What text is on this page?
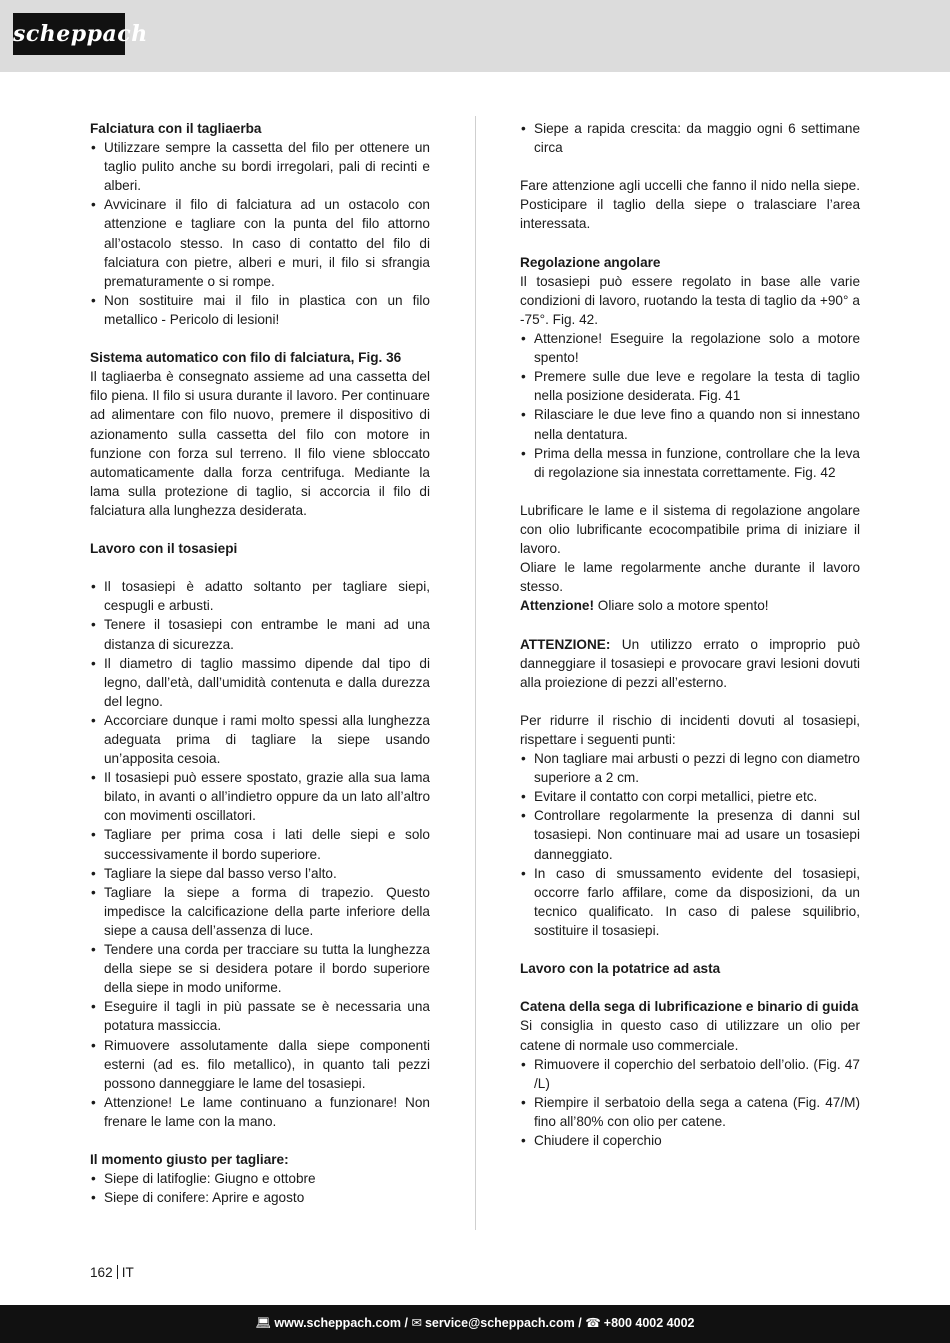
scheppach
Falciatura con il tagliaerba
• Utilizzare sempre la cassetta del filo per ottenere un taglio pulito anche su bordi irregolari, pali di recinti e alberi.
• Avvicinare il filo di falciatura ad un ostacolo con attenzione e tagliare con la punta del filo attorno all’ostacolo stesso. In caso di contatto del filo di falciatura con pietre, alberi e muri, il filo si sfrangia prematuramente o si rompe.
• Non sostituire mai il filo in plastica con un filo metallico - Pericolo di lesioni!
Sistema automatico con filo di falciatura, Fig. 36

Il tagliaerba è consegnato assieme ad una cassetta del filo piena. Il filo si usura durante il lavoro. Per continuare ad alimentare con filo nuovo, premere il dispositivo di azionamento sulla cassetta del filo con motore in funzione con forza sul terreno. Il filo viene sbloccato automaticamente dalla forza centrifuga. Mediante la lama sulla protezione di taglio, si accorcia il filo di falciatura alla lunghezza desiderata.

Lavoro con il tosasiepi
• Il tosasiepi è adatto soltanto per tagliare siepi, cespugli e arbusti.
• Tenere il tosasiepi con entrambe le mani ad una distanza di sicurezza.
• Il diametro di taglio massimo dipende dal tipo di legno, dall’età, dall’umidità contenuta e dalla durezza del legno.
• Accorciare dunque i rami molto spessi alla lunghezza adeguata prima di tagliare la siepe usando un’apposita cesoia.
• Il tosasiepi può essere spostato, grazie alla sua lama bilato, in avanti o all’indietro oppure da un lato all’altro con movimenti oscillatori.
• Tagliare per prima cosa i lati delle siepi e solo successivamente il bordo superiore.
• Tagliare la siepe dal basso verso l’alto.
• Tagliare la siepe a forma di trapezio. Questo impedisce la calcificazione della parte inferiore della siepe a causa dell’assenza di luce.
• Tendere una corda per tracciare su tutta la lunghezza della siepe se si desidera potare il bordo superiore della siepe in modo uniforme.
• Eseguire il tagli in più passate se è necessaria una potatura massiccia.
• Rimuovere assolutamente dalla siepe componenti esterni (ad es. filo metallico), in quanto tali pezzi possono danneggiare le lame del tosasiepi.
• Attenzione! Le lame continuano a funzionare! Non frenare le lame con la mano.
Il momento giusto per tagliare:
• Siepe di latifoglie: Giugno e ottobre
• Siepe di conifere: Aprire e agosto
• Siepe a rapida crescita: da maggio ogni 6 settimane circa

Fare attenzione agli uccelli che fanno il nido nella siepe. Posticipare il taglio della siepe o tralasciare l’area interessata.

Regolazione angolare

Il tosasiepi può essere regolato in base alle varie condizioni di lavoro, ruotando la testa di taglio da +90° a -75°. Fig. 42.

• Attenzione! Eseguire la regolazione solo a motore spento!
• Premere sulle due leve e regolare la testa di taglio nella posizione desiderata. Fig. 41
• Rilasciare le due leve fino a quando non si innestano nella dentatura.
• Prima della messa in funzione, controllare che la leva di regolazione sia innestata correttamente. Fig. 42

Lubrificare le lame e il sistema di regolazione angolare con olio lubrificante ecocompatibile prima di iniziare il lavoro.

Oliare le lame regolarmente anche durante il lavoro stesso.

Attenzione! Oliare solo a motore spento!

ATTENZIONE: Un utilizzo errato o improprio può danneggiare il tosasiepi e provocare gravi lesioni dovuti alla proiezione di pezzi all’esterno.

Per ridurre il rischio di incidenti dovuti al tosasiepi, rispettare i seguenti punti:

• Non tagliare mai arbusti o pezzi di legno con diametro superiore a 2 cm.
• Evitare il contatto con corpi metallici, pietre etc.
• Controllare regolarmente la presenza di danni sul tosasiepi. Non continuare mai ad usare un tosasiepi danneggiato.
• In caso di smussamento evidente del tosasiepi, occorre farlo affilare, come da disposizioni, da un tecnico qualificato. In caso di palese squilibrio, sostituire il tosasiepi.
Lavoro con la potatrice ad asta
Catena della sega di lubrificazione e binario di guida

Si consiglia in questo caso di utilizzare un olio per catene di normale uso commerciale.

• Rimuovere il coperchio del serbatoio dell’olio. (Fig. 47 /L)
• Riempire il serbatoio della sega a catena (Fig. 47/M) fino all’80% con olio per catene.
• Chiudere il coperchio
162 IT
💻︎ www.scheppach.com / ✉ service@scheppach.com / ☎ +800 4002 4002
